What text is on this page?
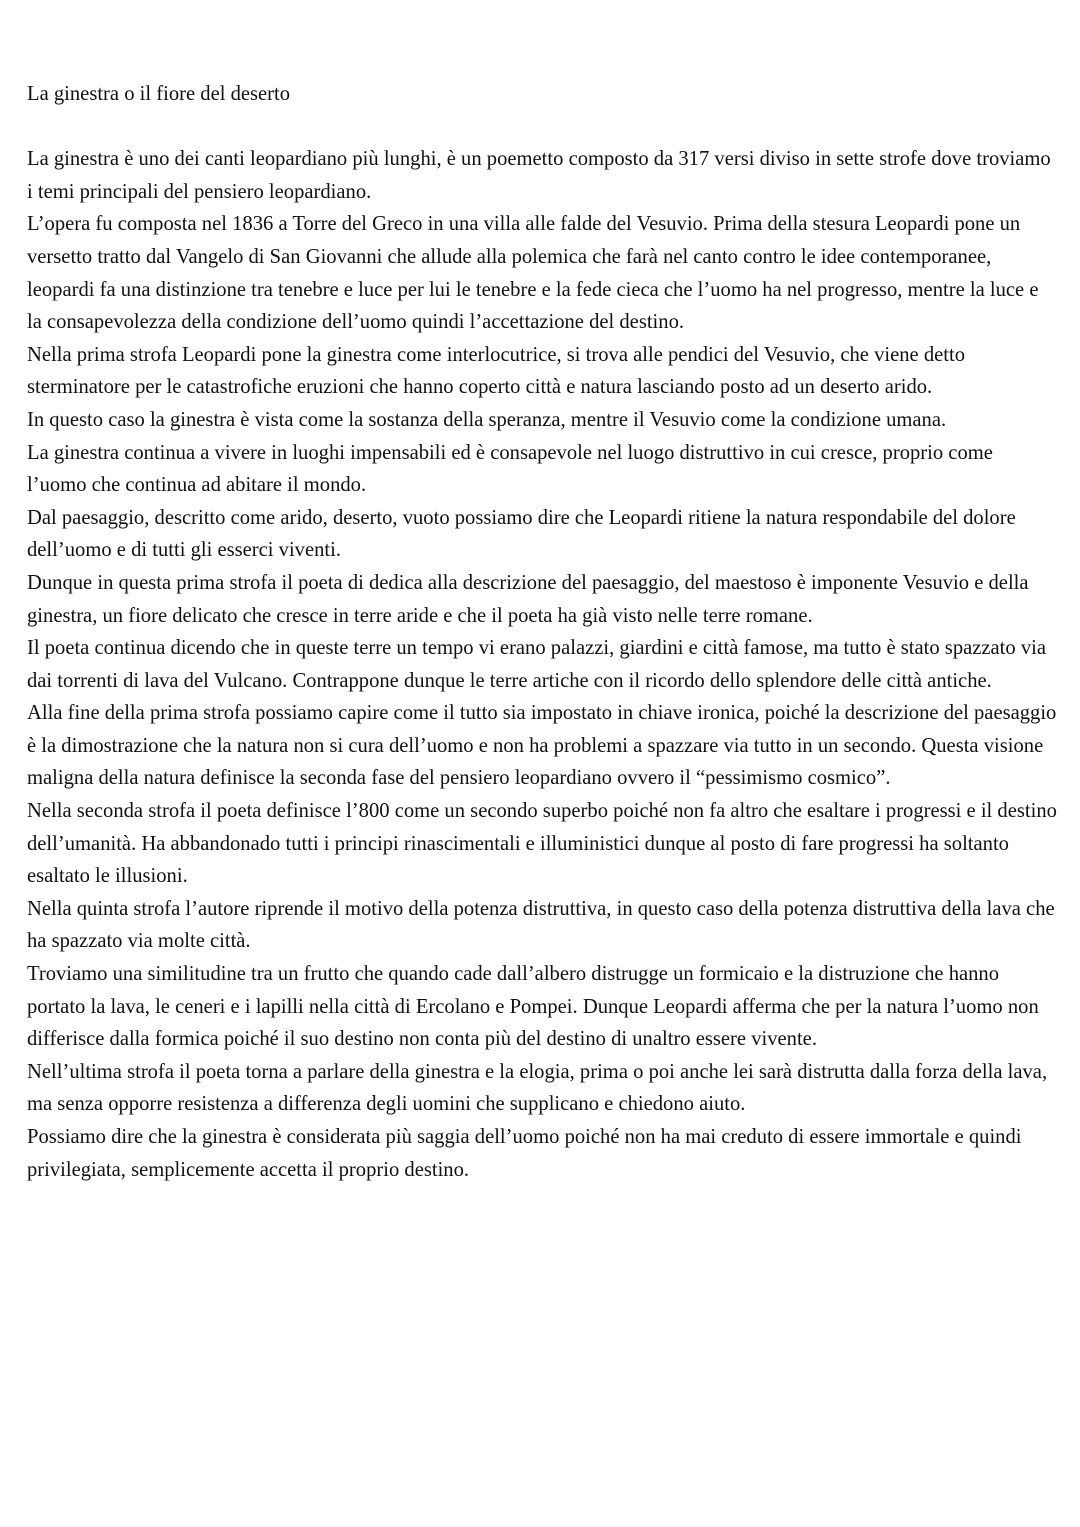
La ginestra o il fiore del deserto

La ginestra è uno dei canti leopardiano più lunghi, è un poemetto composto da 317 versi diviso in sette strofe dove troviamo i temi principali del pensiero leopardiano.

L’opera fu composta nel 1836 a Torre del Greco in una villa alle falde del Vesuvio. Prima della stesura Leopardi pone un versetto tratto dal Vangelo di San Giovanni che allude alla polemica che farà nel canto contro le idee contemporanee, leopardi fa una distinzione tra tenebre e luce per lui le tenebre e la fede cieca che l’uomo ha nel progresso, mentre la luce e la consapevolezza della condizione dell’uomo quindi l’accettazione del destino.

Nella prima strofa Leopardi pone la ginestra come interlocutrice, si trova alle pendici del Vesuvio, che viene detto sterminatore per le catastrofiche eruzioni che hanno coperto città e natura lasciando posto ad un deserto arido.

In questo caso la ginestra è vista come la sostanza della speranza, mentre il Vesuvio come la condizione umana.

La ginestra continua a vivere in luoghi impensabili ed è consapevole nel luogo distruttivo in cui cresce, proprio come l’uomo che continua ad abitare il mondo.

Dal paesaggio, descritto come arido, deserto, vuoto possiamo dire che Leopardi ritiene la natura respondabile del dolore dell’uomo e di tutti gli esserci viventi.

Dunque in questa prima strofa il poeta di dedica alla descrizione del paesaggio, del maestoso è imponente Vesuvio e della ginestra, un fiore delicato che cresce in terre aride e che il poeta ha già visto nelle terre romane.

Il poeta continua dicendo che in queste terre un tempo vi erano palazzi, giardini e città famose, ma tutto è stato spazzato via dai torrenti di lava del Vulcano. Contrappone dunque le terre artiche con il ricordo dello splendore delle città antiche.

Alla fine della prima strofa possiamo capire come il tutto sia impostato in chiave ironica, poiché la descrizione del paesaggio è la dimostrazione che la natura non si cura dell’uomo e non ha problemi a spazzare via tutto in un secondo. Questa visione maligna della natura definisce la seconda fase del pensiero leopardiano ovvero il “pessimismo cosmico”.

Nella seconda strofa il poeta definisce l’800 come un secondo superbo poiché non fa altro che esaltare i progressi e il destino dell’umanità. Ha abbandonado tutti i principi rinascimentali e illuministici dunque al posto di fare progressi ha soltanto esaltato le illusioni.

Nella quinta strofa l’autore riprende il motivo della potenza distruttiva, in questo caso della potenza distruttiva della lava che ha spazzato via molte città.

Troviamo una similitudine tra un frutto che quando cade dall’albero distrugge un formicaio e la distruzione che hanno portato la lava, le ceneri e i lapilli nella città di Ercolano e Pompei. Dunque Leopardi afferma che per la natura l’uomo non differisce dalla formica poiché il suo destino non conta più del destino di unaltro essere vivente.

Nell’ultima strofa il poeta torna a parlare della ginestra e la elogia, prima o poi anche lei sarà distrutta dalla forza della lava, ma senza opporre resistenza a differenza degli uomini che supplicano e chiedono aiuto.

Possiamo dire che la ginestra è considerata più saggia dell’uomo poiché non ha mai creduto di essere immortale e quindi privilegiata, semplicemente accetta il proprio destino.
